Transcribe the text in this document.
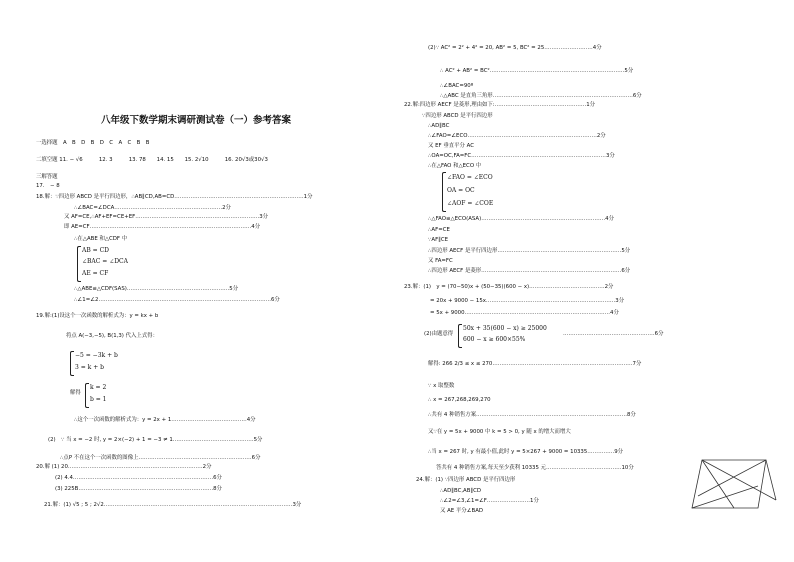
八年级下数学期末调研测试卷（一）参考答案
一选择题　A　B　D　B　D　C　A　C　B　B
二填空题 11. − √6　　　12. 3　　　13. 78　　14. 15　　15. 2√10　　　16. 20√3或30√3
三解答题
17.　− 8
18.解：∵四边形 ABCD 是平行四边形，∴AB∥CD,AB=CD………………………………………………………………1分
∴∠BAC=∠DCA……………………………………………………2分
又 AF=CE,∴AF+EF=CE+EF……………………………………………………………3分
即 AE=CF………………………………………………………………………………4分
∴在△ABE 和△CDF 中
AB = CD
∠BAC = ∠DCA
AE = CF
∴△ABE≌△CDF(SAS)…………………………………………………5分
∴∠1=∠2……………………………………………………………………………………6分
19.解:(1)设这个一次函数的解析式为：y = kx + b
将点 A(−3,−5), B(1,3) 代入上式得：
−5 = −3k + b
3 = k + b
解得
k = 2
b = 1
∴这个一次函数的解析式为：y = 2x + 1……………………………………4分
(2)　∵ 当 x = −2 时, y = 2×(−2) + 1 = −3 ≠ 1………………………………………5分
∴点P 不在这个一次函数的图像上………………………………………………………6分
20.解 (1) 20…………………………………………………………………2分
(2) 4.4……………………………………………………………………6分
(3) 225B…………………………………………………………………8分
21.解：(1) √5 ; 5 ; 2√2……………………………………………………………………………………………3分
(2)∵ AC² = 2² + 4² = 20, AB² = 5, BC² = 25………………………4分
∴ AC² + AB² = BC²…………………………………………………………………5分
∴∠BAC=90º
∴△ABC 是直角三角形……………………………………………………………………6分
22.解:四边形 AECF 是菱形,理由如下:……………………………………………1分
∵四边形 ABCD 是平行四边形
∴AD∥BC
∴∠FAO=∠ECO………………………………………………………………2分
又 EF 垂直平分 AC
∴OA=OC,FA=FC…………………………………………………………………3分
∴在△FAO 和△ECO 中
∠FAO = ∠ECO
OA = OC
∠AOF = ∠COE
∴△FAO≌△ECO(ASA)……………………………………………………………4分
∴AF=CE
∵AF∥CE
∴四边形 AECF 是平行四边形……………………………………………………………5分
又 FA=FC
∴四边形 AECF 是菱形……………………………………………………………………6分
23.解：(1)　y = (70−50)x + (50−35)(600 − x)……………………………………2分
= 20x + 9000 − 15x………………………………………………………………3分
= 5x + 9000………………………………………………………………………4分
(2)由题意得
50x + 35(600 − x) ≥ 25000
600 − x ≥ 600×55%
……………………………………………6分
解得: 266 2/3 ≤ x ≤ 270……………………………………………………………………7分
∵ x 取整数
∴ x = 267,268,269,270
∴共有 4 种销售方案…………………………………………………………………………8分
又∵在 y = 5x + 9000 中 k = 5 > 0, y 随 x 的增大而增大
∴当 x = 267 时, y 有最小值,此时 y = 5×267 + 9000 = 10335……………9分
答共有 4 种销售方案,每天至少获利 10335 元……………………………………10分
24.解：(1) ∵四边形 ABCD 是平行四边形
∴AD∥BC,AB∥CD
∴∠2=∠3,∠1=∠F……………………1分
又 AE 平分∠BAD
